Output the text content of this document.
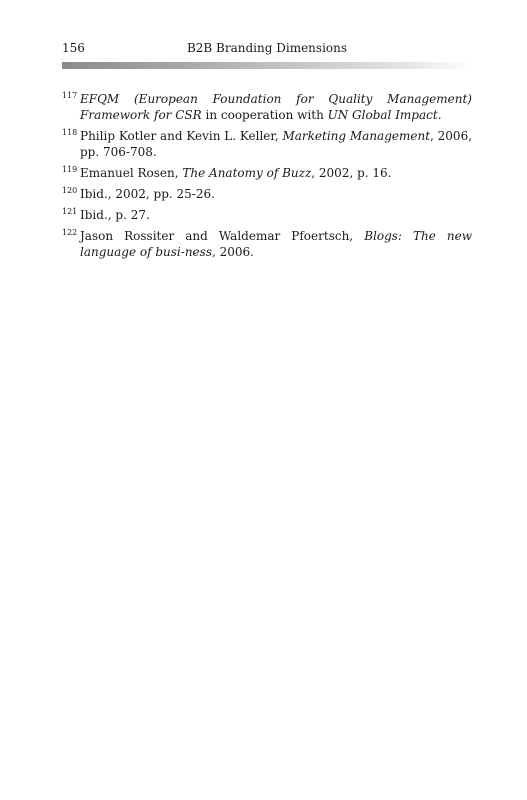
156	B2B Branding Dimensions
117 EFQM (European Foundation for Quality Management) Framework for CSR in cooperation with UN Global Impact.
118 Philip Kotler and Kevin L. Keller, Marketing Management, 2006, pp. 706-708.
119 Emanuel Rosen, The Anatomy of Buzz, 2002, p. 16.
120 Ibid., 2002, pp. 25-26.
121 Ibid., p. 27.
122 Jason Rossiter and Waldemar Pfoertsch, Blogs: The new language of busi-ness, 2006.
